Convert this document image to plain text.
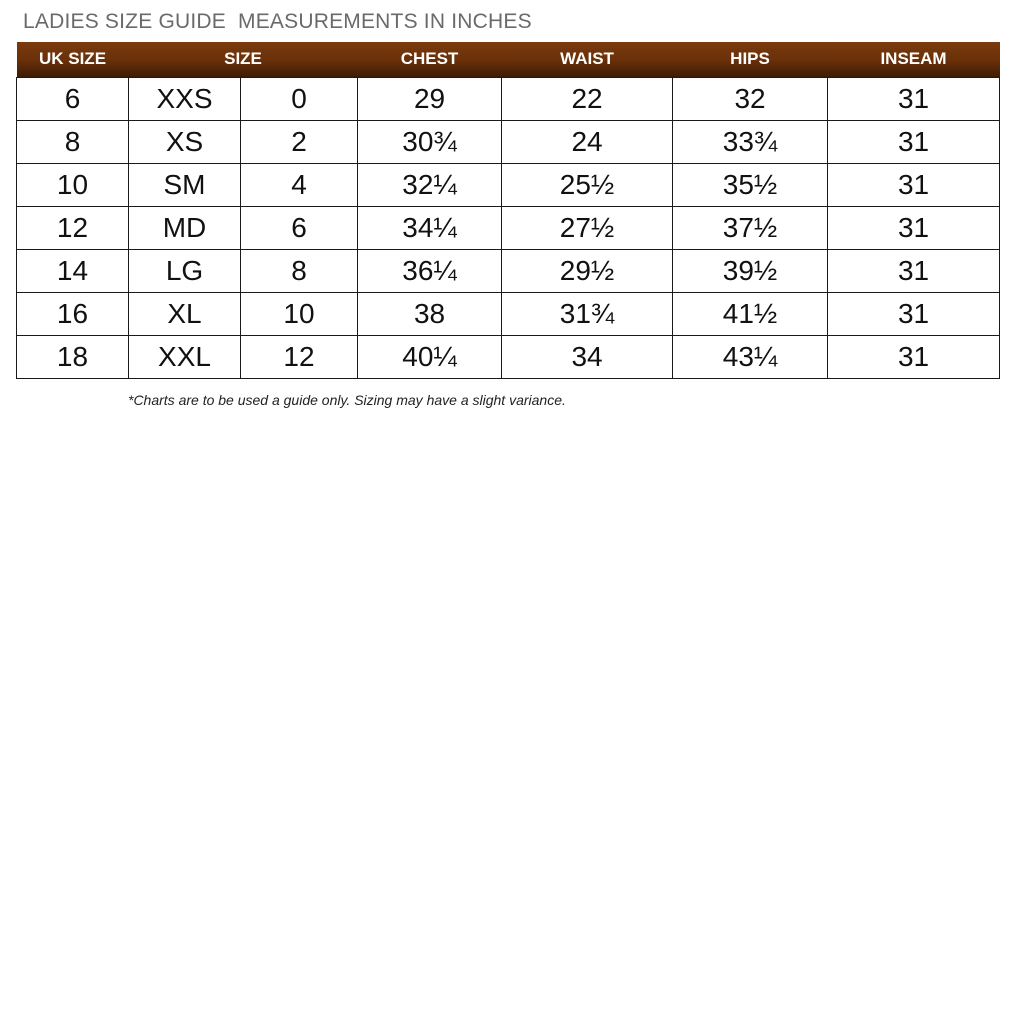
LADIES SIZE GUIDE  MEASUREMENTS IN INCHES
UK SIZE	SIZE		CHEST	WAIST	HIPS	INSEAM
6	XXS	0	29	22	32	31
8	XS	2	30¾	24	33¾	31
10	SM	4	32¼	25½	35½	31
12	MD	6	34¼	27½	37½	31
14	LG	8	36¼	29½	39½	31
16	XL	10	38	31¾	41½	31
18	XXL	12	40¼	34	43¼	31
*Charts are to be used a guide only. Sizing may have a slight variance.
